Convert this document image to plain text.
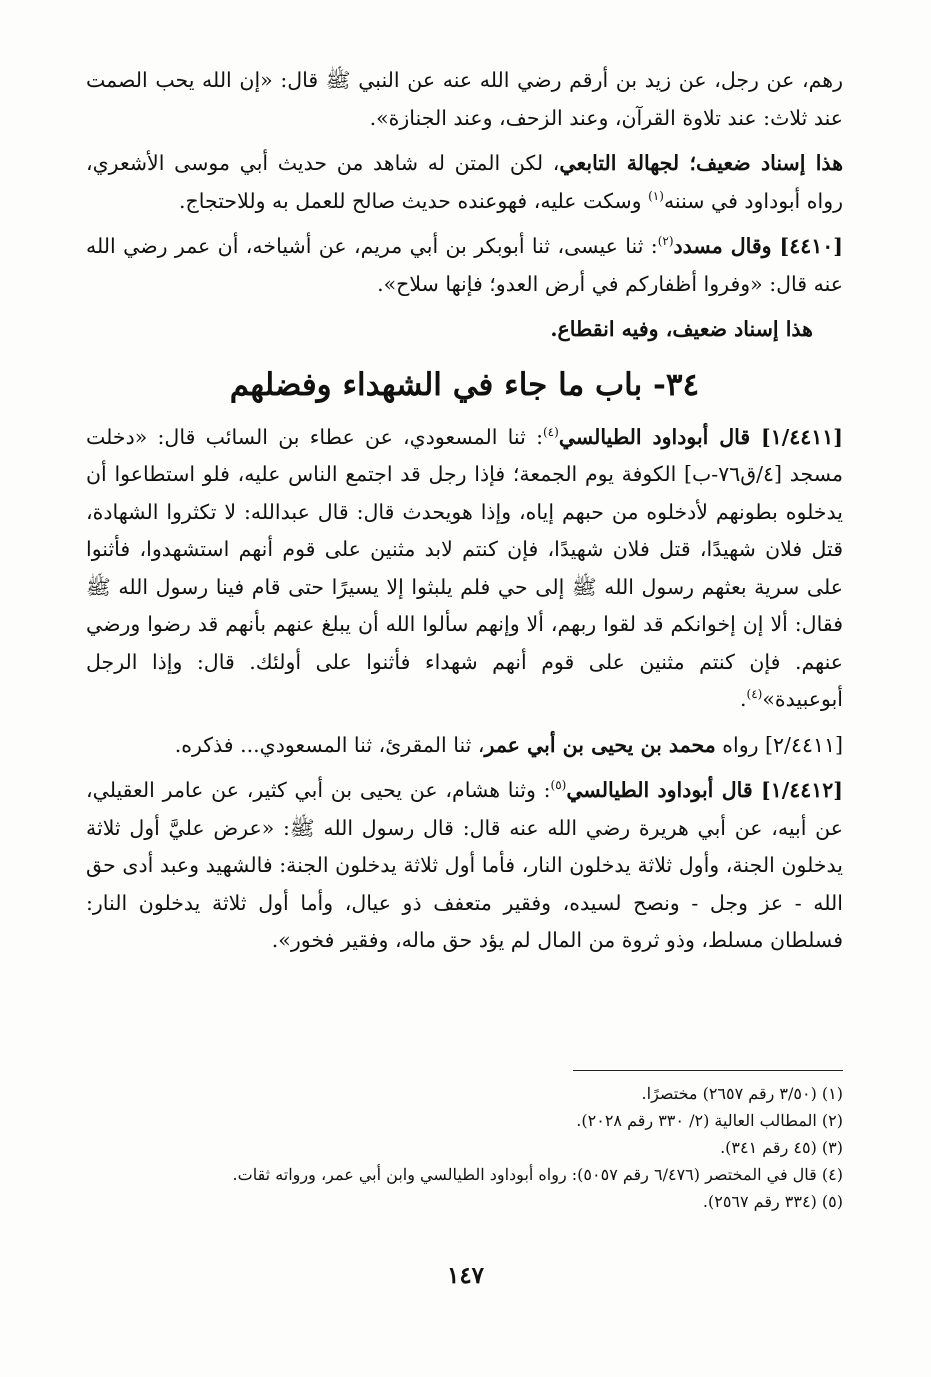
رهم، عن رجل، عن زيد بن أرقم رضي الله عنه عن النبي ﷺ قال: «إن الله يحب الصمت عند ثلاث: عند تلاوة القرآن، وعند الزحف، وعند الجنازة».

هذا إسناد ضعيف؛ لجهالة التابعي، لكن المتن له شاهد من حديث أبي موسى الأشعري، رواه أبوداود في سننه$^{(١)}$ وسكت عليه، فهوعنده حديث صالح للعمل به وللاحتجاج.

[٤٤١٠] وقال مسدد$^{(٢)}$: ثنا عيسى، ثنا أبوبكر بن أبي مريم، عن أشياخه، أن عمر رضي الله عنه قال: «وفروا أظفاركم في أرض العدو؛ فإنها سلاح».

هذا إسناد ضعيف، وفيه انقطاع.

٣٤- باب ما جاء في الشهداء وفضلهم

[١/٤٤١١] قال أبوداود الطيالسي$^{(٤)}$: ثنا المسعودي، عن عطاء بن السائب قال: «دخلت مسجد [٤/ق٧٦-ب] الكوفة يوم الجمعة؛ فإذا رجل قد اجتمع الناس عليه، فلو استطاعوا أن يدخلوه بطونهم لأدخلوه من حبهم إياه، وإذا هويحدث قال: قال عبدالله: لا تكثروا الشهادة، قتل فلان شهيدًا، قتل فلان شهيدًا، فإن كنتم لابد مثنين على قوم أنهم استشهدوا، فأثنوا على سرية بعثهم رسول الله ﷺ إلى حي فلم يلبثوا إلا يسيرًا حتى قام فينا رسول الله ﷺ فقال: ألا إن إخوانكم قد لقوا ربهم، ألا وإنهم سألوا الله أن يبلغ عنهم بأنهم قد رضوا ورضي عنهم. فإن كنتم مثنين على قوم أنهم شهداء فأثنوا على أولئك. قال: وإذا الرجل أبوعبيدة»$^{(٤)}$.

[٢/٤٤١١] رواه محمد بن يحيى بن أبي عمر، ثنا المقرئ، ثنا المسعودي... فذكره.

[١/٤٤١٢] قال أبوداود الطيالسي$^{(٥)}$: وثنا هشام، عن يحيى بن أبي كثير، عن عامر العقيلي، عن أبيه، عن أبي هريرة رضي الله عنه قال: قال رسول الله ﷺ: «عرض عليَّ أول ثلاثة يدخلون الجنة، وأول ثلاثة يدخلون النار، فأما أول ثلاثة يدخلون الجنة: فالشهيد وعبد أدى حق الله - عز وجل - ونصح لسيده، وفقير متعفف ذو عيال، وأما أول ثلاثة يدخلون النار: فسلطان مسلط، وذو ثروة من المال لم يؤد حق ماله، وفقير فخور».

(١) (٣/٥٠ رقم ٢٦٥٧) مختصرًا.

(٢) المطالب العالية (٢/ ٣٣٠ رقم ٢٠٢٨).

(٣) (٤٥ رقم ٣٤١).

(٤) قال في المختصر (٦/٤٧٦ رقم ٥٠٥٧): رواه أبوداود الطيالسي وابن أبي عمر، ورواته ثقات.

(٥) (٣٣٤ رقم ٢٥٦٧).

١٤٧
